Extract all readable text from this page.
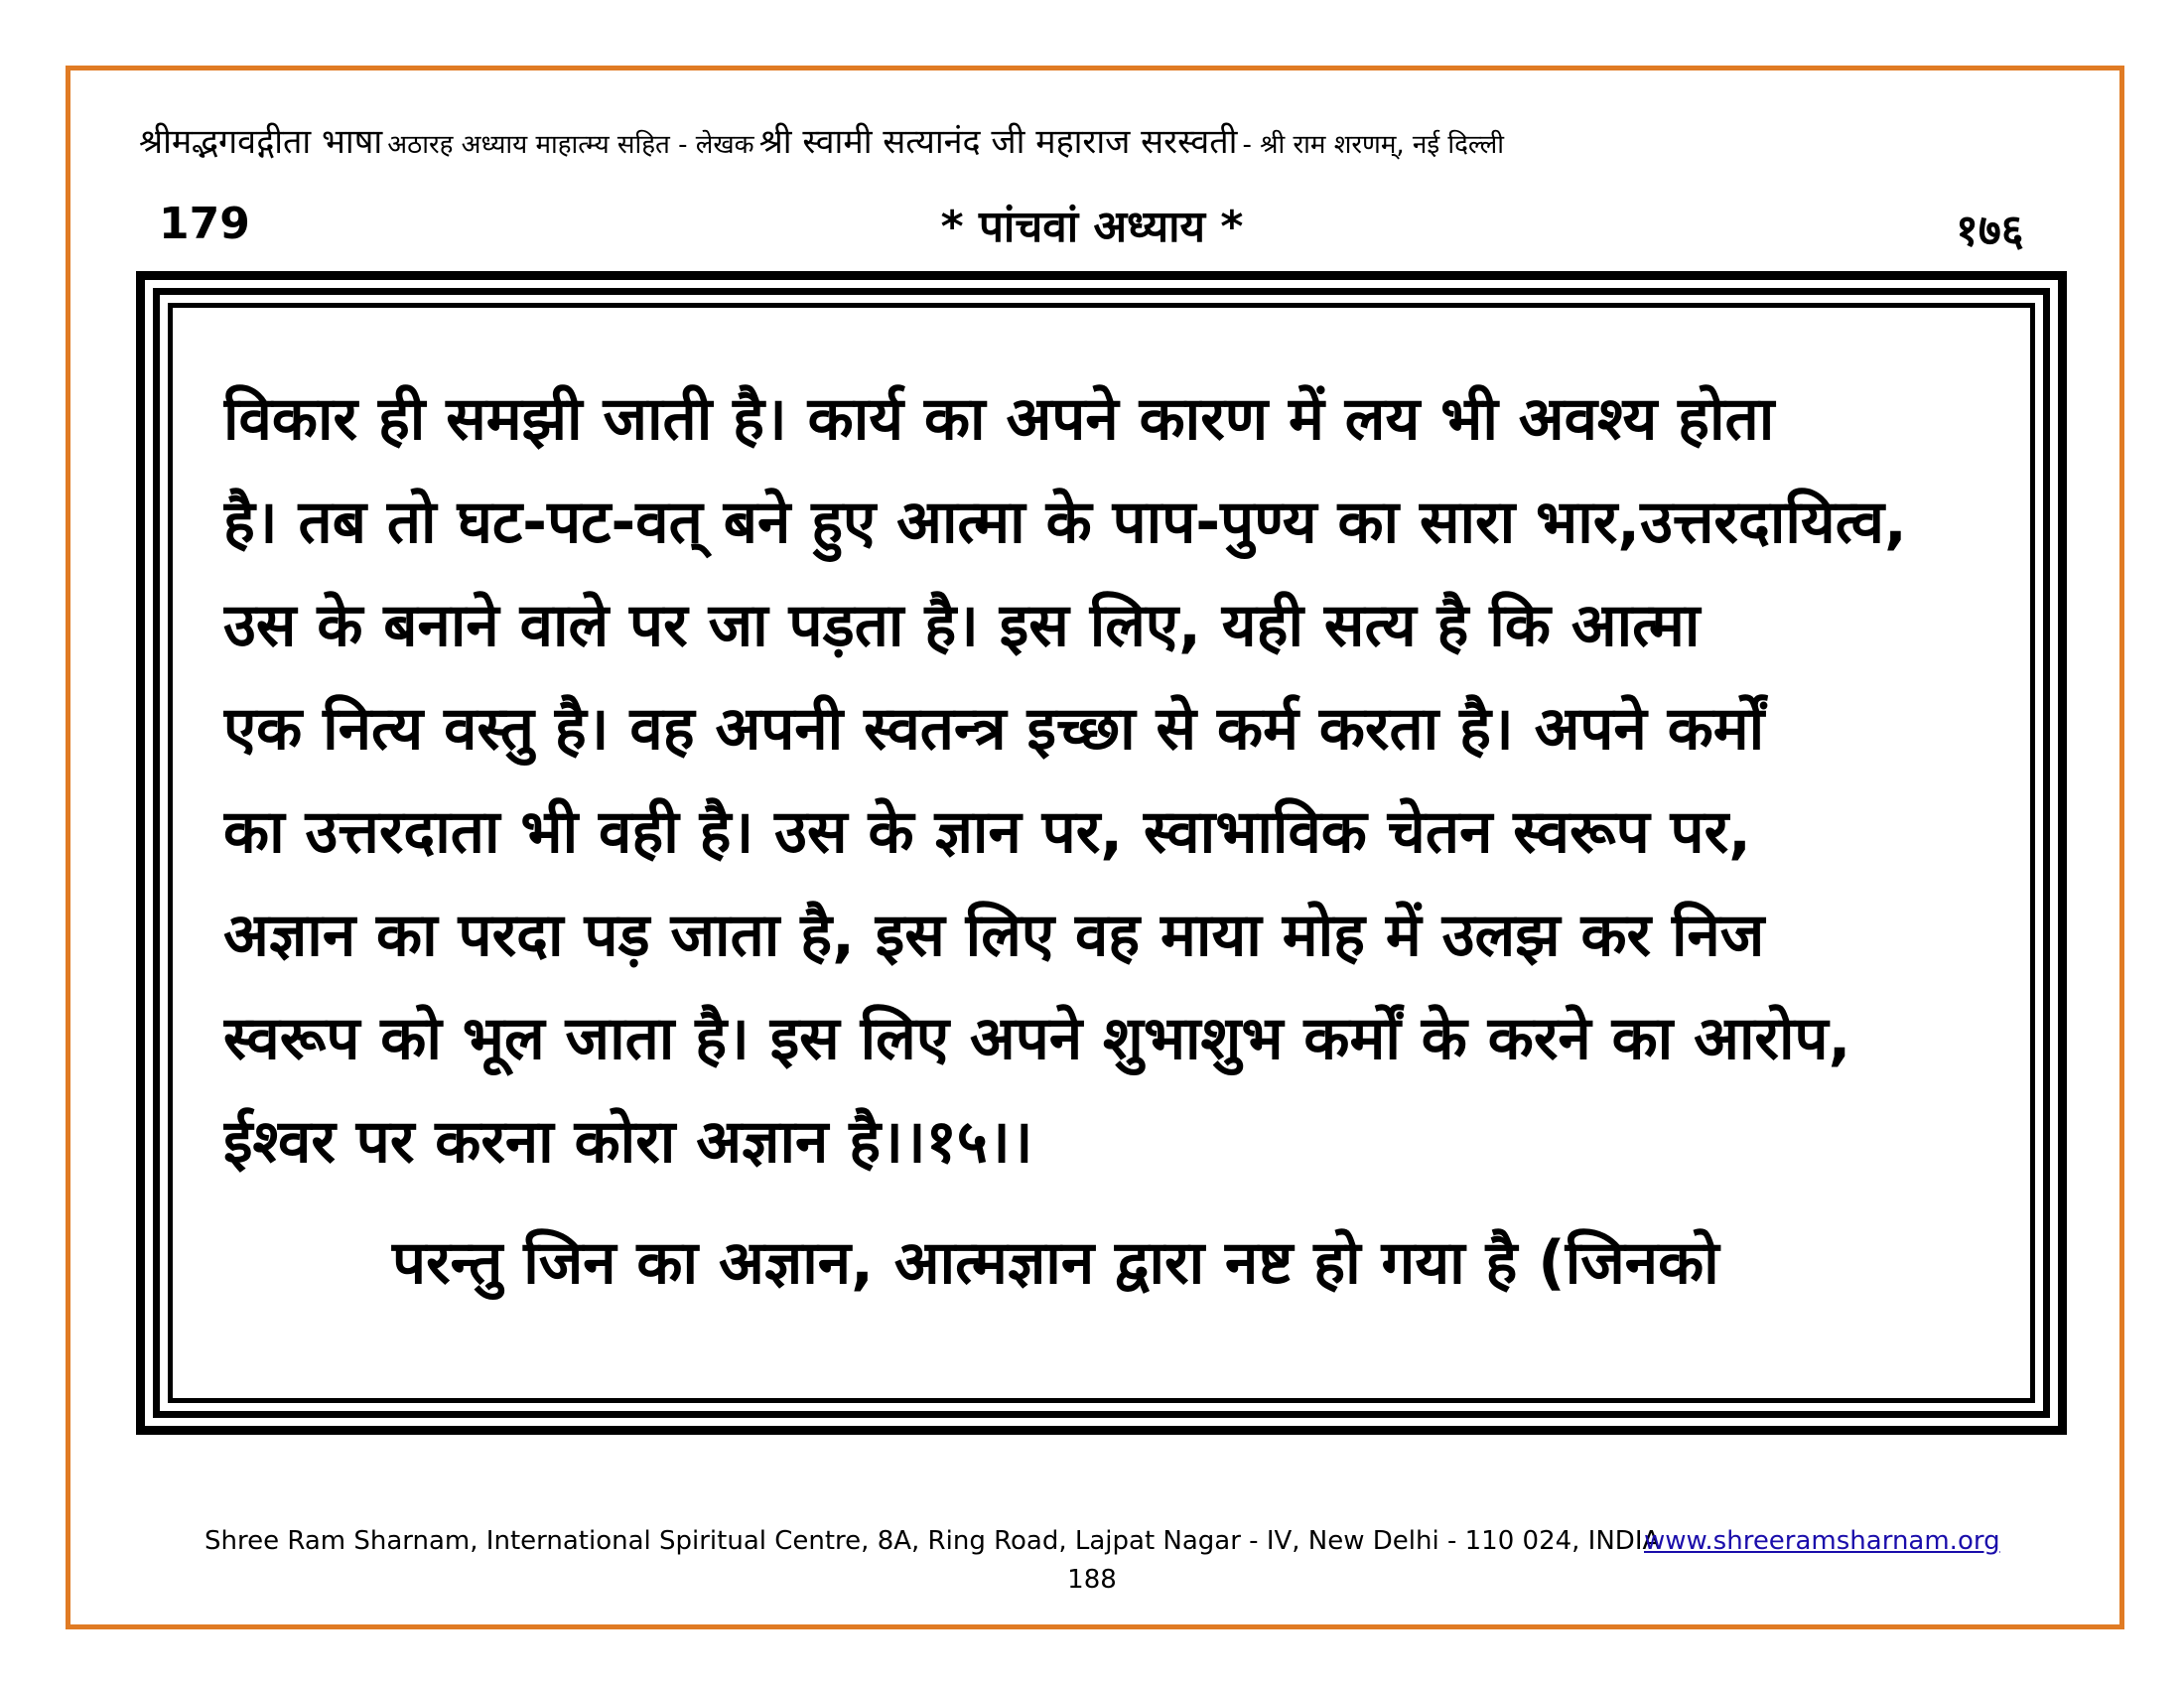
श्रीमद्भगवद्गीता भाषा अठारह अध्याय माहात्म्य सहित - लेखक श्री स्वामी सत्यानंद जी महाराज सरस्वती - श्री राम शरणम्, नई दिल्ली
179	* पांचवां अध्याय *	१७६
विकार ही समझी जाती है। कार्य का अपने कारण में लय भी अवश्य होता
है। तब तो घट-पट-वत् बने हुए आत्मा के पाप-पुण्य का सारा भार,उत्तरदायित्व,
उस के बनाने वाले पर जा पड़ता है। इस लिए, यही सत्य है कि आत्मा
एक नित्य वस्तु है। वह अपनी स्वतन्त्र इच्छा से कर्म करता है। अपने कर्मों
का उत्तरदाता भी वही है। उस के ज्ञान पर, स्वाभाविक चेतन स्वरूप पर,
अज्ञान का परदा पड़ जाता है, इस लिए वह माया मोह में उलझ कर निज
स्वरूप को भूल जाता है। इस लिए अपने शुभाशुभ कर्मों के करने का आरोप,
ईश्वर पर करना कोरा अज्ञान है।।१५।।
परन्तु जिन का अज्ञान, आत्मज्ञान द्वारा नष्ट हो गया है (जिनको
Shree Ram Sharnam, International Spiritual Centre, 8A, Ring Road, Lajpat Nagar - IV, New Delhi - 110 024, INDIA
www.shreeramsharnam.org
188
